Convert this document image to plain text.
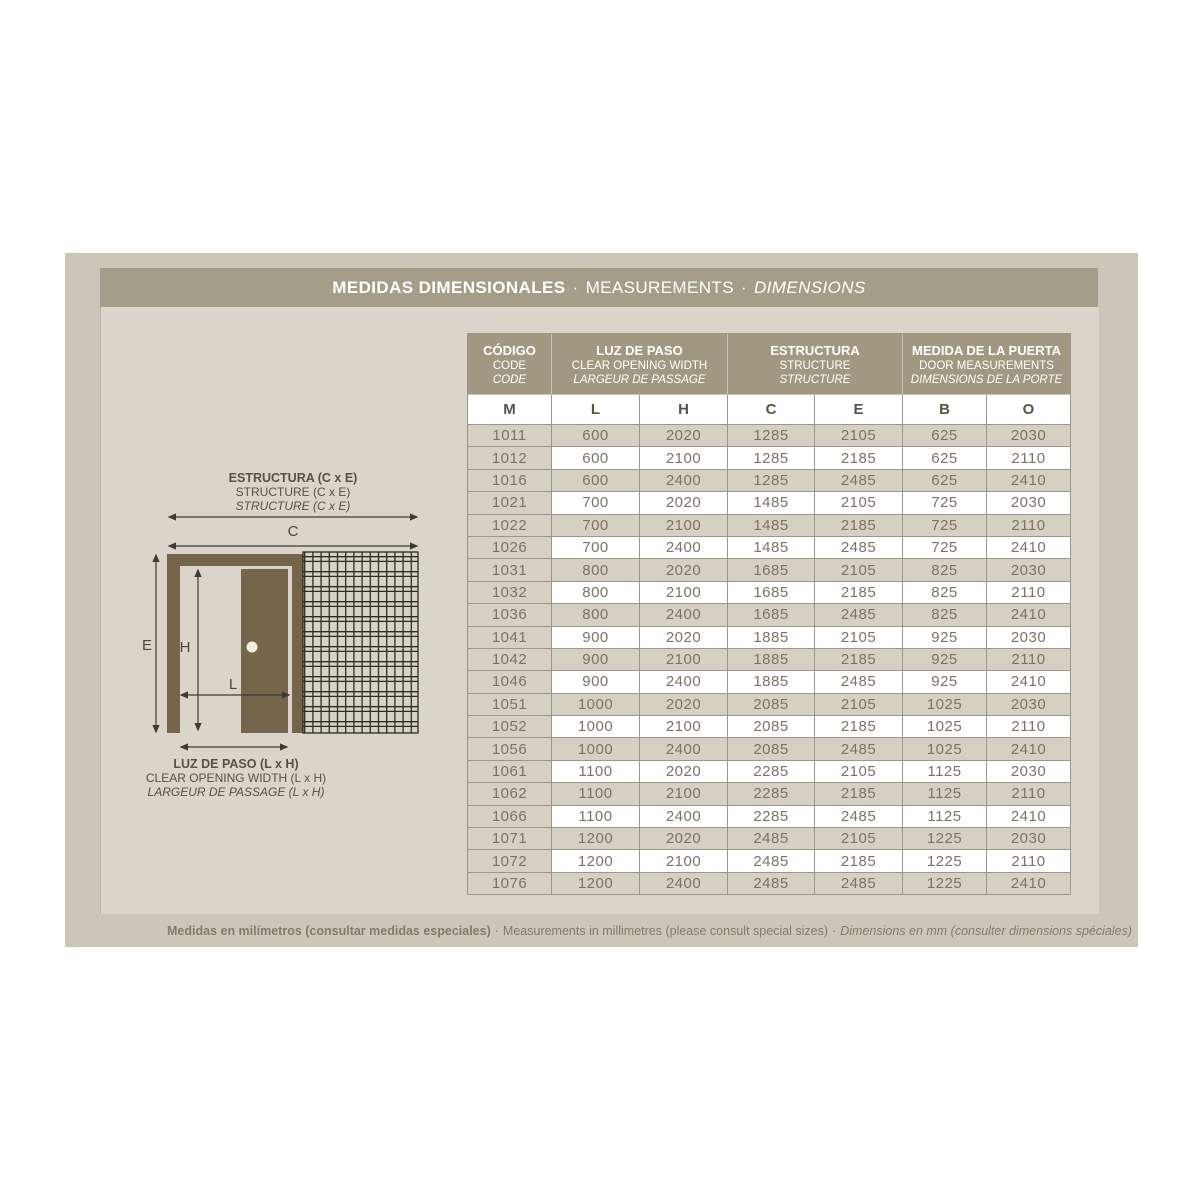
MEDIDAS DIMENSIONALES · MEASUREMENTS · DIMENSIONS
ESTRUCTURA (C x E)
STRUCTURE (C x E)
STRUCTURE (C x E)
C
E H
L
LUZ DE PASO (L x H)
CLEAR OPENING WIDTH (L x H)
LARGEUR DE PASSAGE (L x H)
CÓDIGO
CODE
CODE

LUZ DE PASO
CLEAR OPENING WIDTH
LARGEUR DE PASSAGE

ESTRUCTURA
STRUCTURE
STRUCTURE

MEDIDA DE LA PUERTA
DOOR MEASUREMENTS
DIMENSIONS DE LA PORTE

M	L	H	C	E	B	O
1011	600	2020	1285	2105	625	2030
1012	600	2100	1285	2185	625	2110
1016	600	2400	1285	2485	625	2410
1021	700	2020	1485	2105	725	2030
1022	700	2100	1485	2185	725	2110
1026	700	2400	1485	2485	725	2410
1031	800	2020	1685	2105	825	2030
1032	800	2100	1685	2185	825	2110
1036	800	2400	1685	2485	825	2410
1041	900	2020	1885	2105	925	2030
1042	900	2100	1885	2185	925	2110
1046	900	2400	1885	2485	925	2410
1051	1000	2020	2085	2105	1025	2030
1052	1000	2100	2085	2185	1025	2110
1056	1000	2400	2085	2485	1025	2410
1061	1100	2020	2285	2105	1125	2030
1062	1100	2100	2285	2185	1125	2110
1066	1100	2400	2285	2485	1125	2410
1071	1200	2020	2485	2105	1225	2030
1072	1200	2100	2485	2185	1225	2110
1076	1200	2400	2485	2485	1225	2410
Medidas en milímetros (consultar medidas especiales) · Measurements in millimetres (please consult special sizes) · Dimensions en mm (consulter dimensions spéciales)
